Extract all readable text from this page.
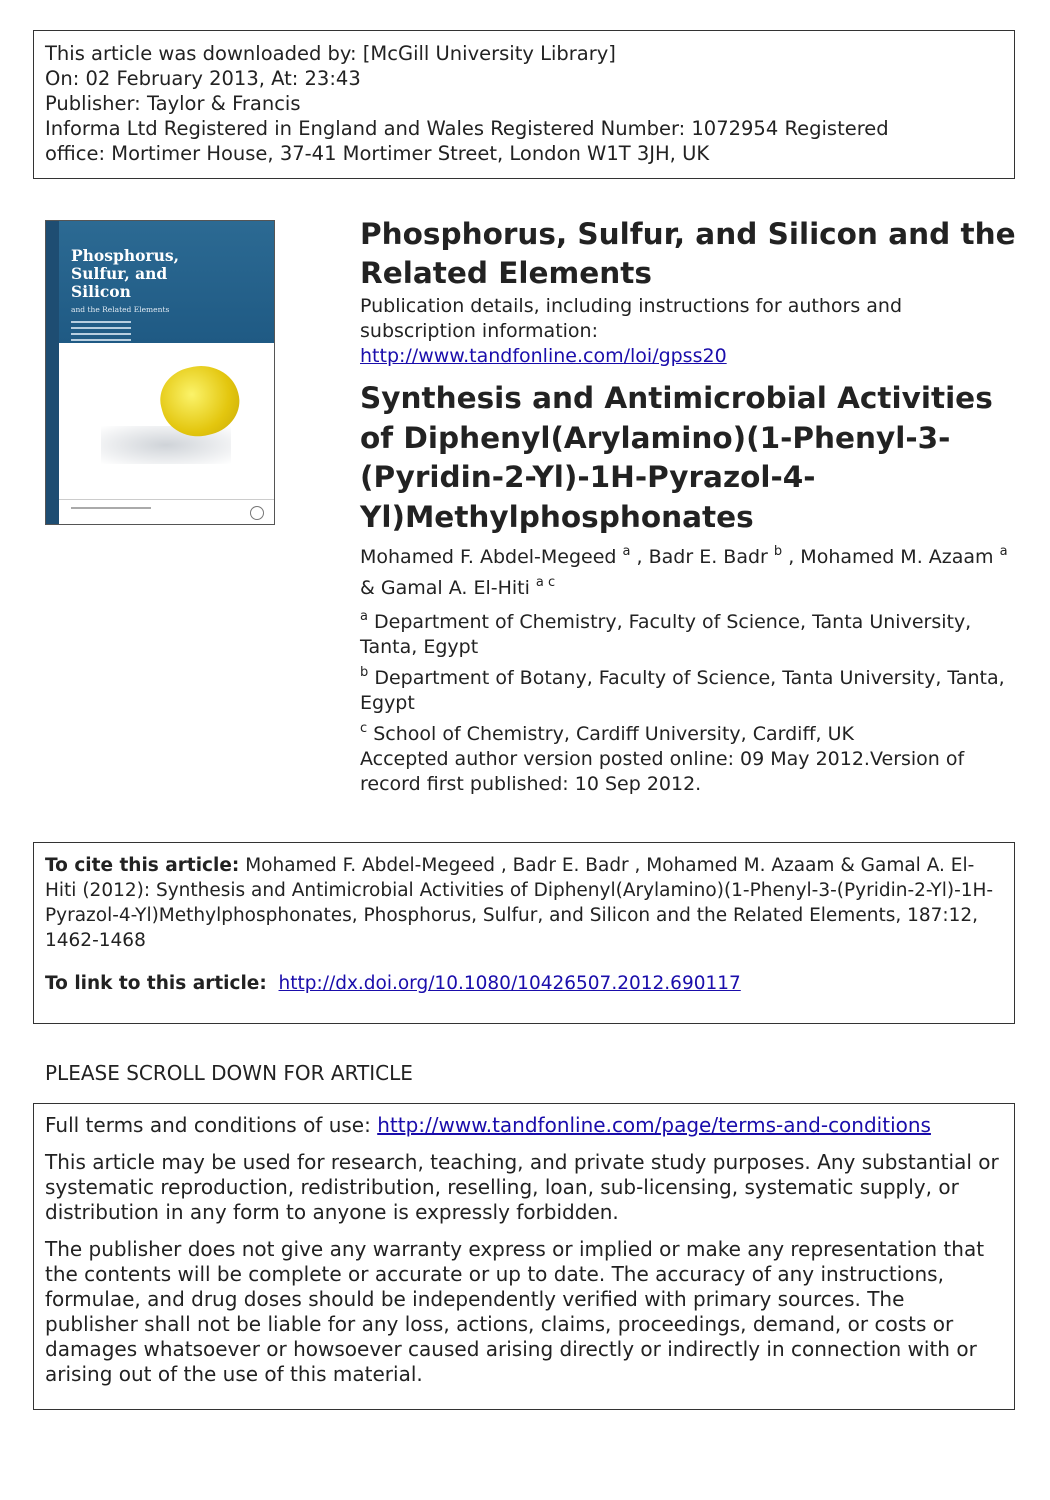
This article was downloaded by: [McGill University Library]
On: 02 February 2013, At: 23:43
Publisher: Taylor & Francis
Informa Ltd Registered in England and Wales Registered Number: 1072954 Registered
office: Mortimer House, 37-41 Mortimer Street, London W1T 3JH, UK
Phosphorus,
Sulfur, and
Silicon
and the Related Elements
Phosphorus, Sulfur, and Silicon and the Related Elements
Publication details, including instructions for authors and subscription information:
http://www.tandfonline.com/loi/gpss20
Synthesis and Antimicrobial Activities of Diphenyl(Arylamino)(1-Phenyl-3-(Pyridin-2-Yl)-1H-Pyrazol-4-Yl)Methylphosphonates
Mohamed F. Abdel-Megeed $^a$ , Badr E. Badr $^b$ , Mohamed M. Azaam $^a$
& Gamal A. El-Hiti $^{a c}$
$^a$ Department of Chemistry, Faculty of Science, Tanta University, Tanta, Egypt
$^b$ Department of Botany, Faculty of Science, Tanta University, Tanta, Egypt
$^c$ School of Chemistry, Cardiff University, Cardiff, UK
Accepted author version posted online: 09 May 2012.Version of record first published: 10 Sep 2012.
To cite this article: Mohamed F. Abdel-Megeed , Badr E. Badr , Mohamed M. Azaam & Gamal A. El-Hiti (2012): Synthesis and Antimicrobial Activities of Diphenyl(Arylamino)(1-Phenyl-3-(Pyridin-2-Yl)-1H-Pyrazol-4-Yl)Methylphosphonates, Phosphorus, Sulfur, and Silicon and the Related Elements, 187:12, 1462-1468
To link to this article: http://dx.doi.org/10.1080/10426507.2012.690117
PLEASE SCROLL DOWN FOR ARTICLE

Full terms and conditions of use: http://www.tandfonline.com/page/terms-and-conditions

This article may be used for research, teaching, and private study purposes. Any substantial or systematic reproduction, redistribution, reselling, loan, sub-licensing, systematic supply, or distribution in any form to anyone is expressly forbidden.

The publisher does not give any warranty express or implied or make any representation that the contents will be complete or accurate or up to date. The accuracy of any instructions, formulae, and drug doses should be independently verified with primary sources. The publisher shall not be liable for any loss, actions, claims, proceedings, demand, or costs or damages whatsoever or howsoever caused arising directly or indirectly in connection with or arising out of the use of this material.
